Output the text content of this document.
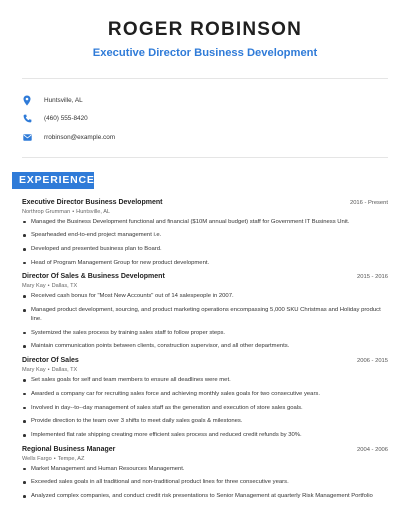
ROGER ROBINSON
Executive Director Business Development
Huntsville, AL
(460) 555-8420
rrobinson@example.com
EXPERIENCE
Executive Director Business Development	2016 - Present
Northrop Grumman • Huntsville, AL
Managed the Business Development functional and financial ($10M annual budget) staff for Government IT Business Unit.
Spearheaded end-to-end project management i.e.
Developed and presented business plan to Board.
Head of Program Management Group for new product development.
Director Of Sales & Business Development	2015 - 2016
Mary Kay • Dallas, TX
Received cash bonus for "Most New Accounts" out of 14 salespeople in 2007.
Managed product development, sourcing, and product marketing operations encompassing 5,000 SKU Christmas and Holiday product line.
Systemized the sales process by training sales staff to follow proper steps.
Maintain communication points between clients, construction supervisor, and all other departments.
Director Of Sales	2006 - 2015
Mary Kay • Dallas, TX
Set sales goals for self and team members to ensure all deadlines were met.
Awarded a company car for recruiting sales force and achieving monthly sales goals for two consecutive years.
Involved in day--to--day management of sales staff as the generation and execution of store sales goals.
Provide direction to the team over 3 shifts to meet daily sales goals & milestones.
Implemented flat rate shipping creating more efficient sales process and reduced credit refunds by 30%.
Regional Business Manager	2004 - 2006
Wells Fargo • Tempe, AZ
Market Management and Human Resources Management.
Exceeded sales goals in all traditional and non-traditional product lines for three consecutive years.
Analyzed complex companies, and conduct credit risk presentations to Senior Management at quarterly Risk Management Portfolio
